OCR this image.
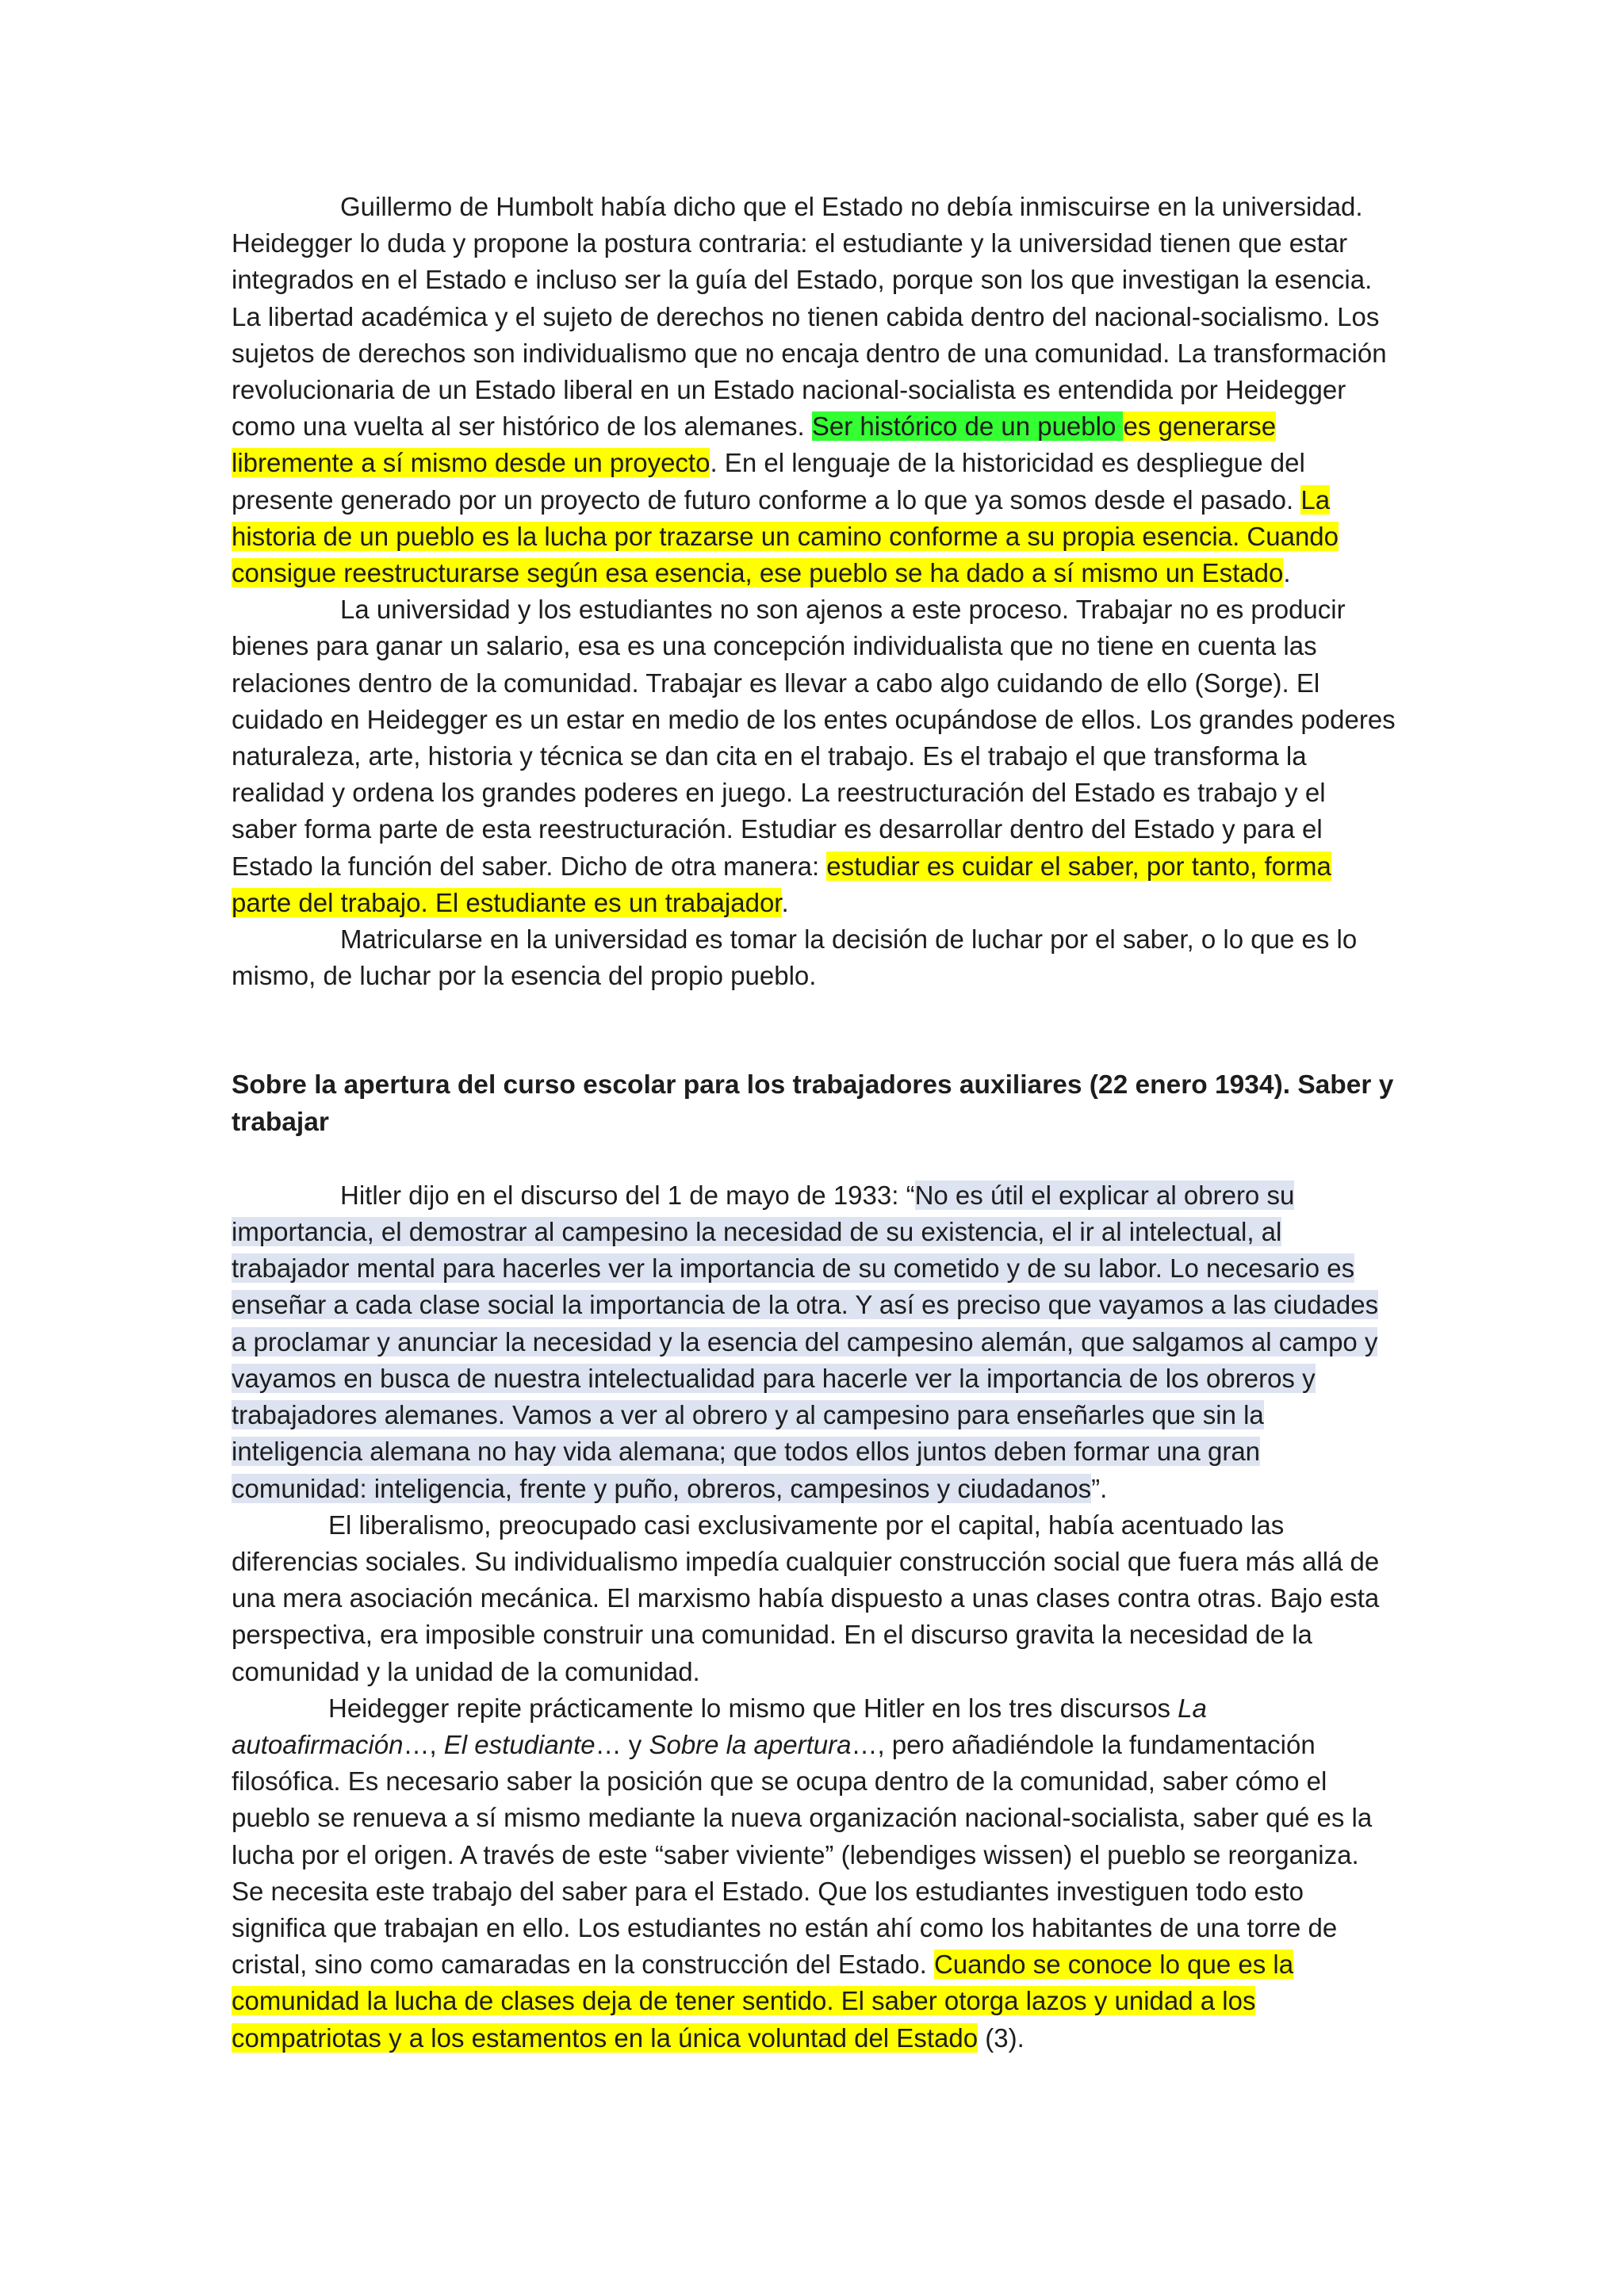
Guillermo de Humbolt había dicho que el Estado no debía inmiscuirse en la universidad. Heidegger lo duda y propone la postura contraria: el estudiante y la universidad tienen que estar integrados en el Estado e incluso ser la guía del Estado, porque son los que investigan la esencia. La libertad académica y el sujeto de derechos no tienen cabida dentro del nacional-socialismo. Los sujetos de derechos son individualismo que no encaja dentro de una comunidad. La transformación revolucionaria de un Estado liberal en un Estado nacional-socialista es entendida por Heidegger como una vuelta al ser histórico de los alemanes. Ser histórico de un pueblo es generarse libremente a sí mismo desde un proyecto. En el lenguaje de la historicidad es despliegue del presente generado por un proyecto de futuro conforme a lo que ya somos desde el pasado. La historia de un pueblo es la lucha por trazarse un camino conforme a su propia esencia. Cuando consigue reestructurarse según esa esencia, ese pueblo se ha dado a sí mismo un Estado.

La universidad y los estudiantes no son ajenos a este proceso. Trabajar no es producir bienes para ganar un salario, esa es una concepción individualista que no tiene en cuenta las relaciones dentro de la comunidad. Trabajar es llevar a cabo algo cuidando de ello (Sorge). El cuidado en Heidegger es un estar en medio de los entes ocupándose de ellos. Los grandes poderes naturaleza, arte, historia y técnica se dan cita en el trabajo. Es el trabajo el que transforma la realidad y ordena los grandes poderes en juego. La reestructuración del Estado es trabajo y el saber forma parte de esta reestructuración. Estudiar es desarrollar dentro del Estado y para el Estado la función del saber. Dicho de otra manera: estudiar es cuidar el saber, por tanto, forma parte del trabajo. El estudiante es un trabajador.

Matricularse en la universidad es tomar la decisión de luchar por el saber, o lo que es lo mismo, de luchar por la esencia del propio pueblo.

Sobre la apertura del curso escolar para los trabajadores auxiliares (22 enero 1934). Saber y trabajar

Hitler dijo en el discurso del 1 de mayo de 1933: “No es útil el explicar al obrero su importancia, el demostrar al campesino la necesidad de su existencia, el ir al intelectual, al trabajador mental para hacerles ver la importancia de su cometido y de su labor. Lo necesario es enseñar a cada clase social la importancia de la otra. Y así es preciso que vayamos a las ciudades a proclamar y anunciar la necesidad y la esencia del campesino alemán, que salgamos al campo y vayamos en busca de nuestra intelectualidad para hacerle ver la importancia de los obreros y trabajadores alemanes. Vamos a ver al obrero y al campesino para enseñarles que sin la inteligencia alemana no hay vida alemana; que todos ellos juntos deben formar una gran comunidad: inteligencia, frente y puño, obreros, campesinos y ciudadanos”.

El liberalismo, preocupado casi exclusivamente por el capital, había acentuado las diferencias sociales. Su individualismo impedía cualquier construcción social que fuera más allá de una mera asociación mecánica. El marxismo había dispuesto a unas clases contra otras. Bajo esta perspectiva, era imposible construir una comunidad. En el discurso gravita la necesidad de la comunidad y la unidad de la comunidad.

Heidegger repite prácticamente lo mismo que Hitler en los tres discursos La autoafirmación…, El estudiante… y Sobre la apertura…, pero añadiéndole la fundamentación filosófica. Es necesario saber la posición que se ocupa dentro de la comunidad, saber cómo el pueblo se renueva a sí mismo mediante la nueva organización nacional-socialista, saber qué es la lucha por el origen. A través de este “saber viviente” (lebendiges wissen) el pueblo se reorganiza. Se necesita este trabajo del saber para el Estado. Que los estudiantes investiguen todo esto significa que trabajan en ello. Los estudiantes no están ahí como los habitantes de una torre de cristal, sino como camaradas en la construcción del Estado. Cuando se conoce lo que es la comunidad la lucha de clases deja de tener sentido. El saber otorga lazos y unidad a los compatriotas y a los estamentos en la única voluntad del Estado (3).
